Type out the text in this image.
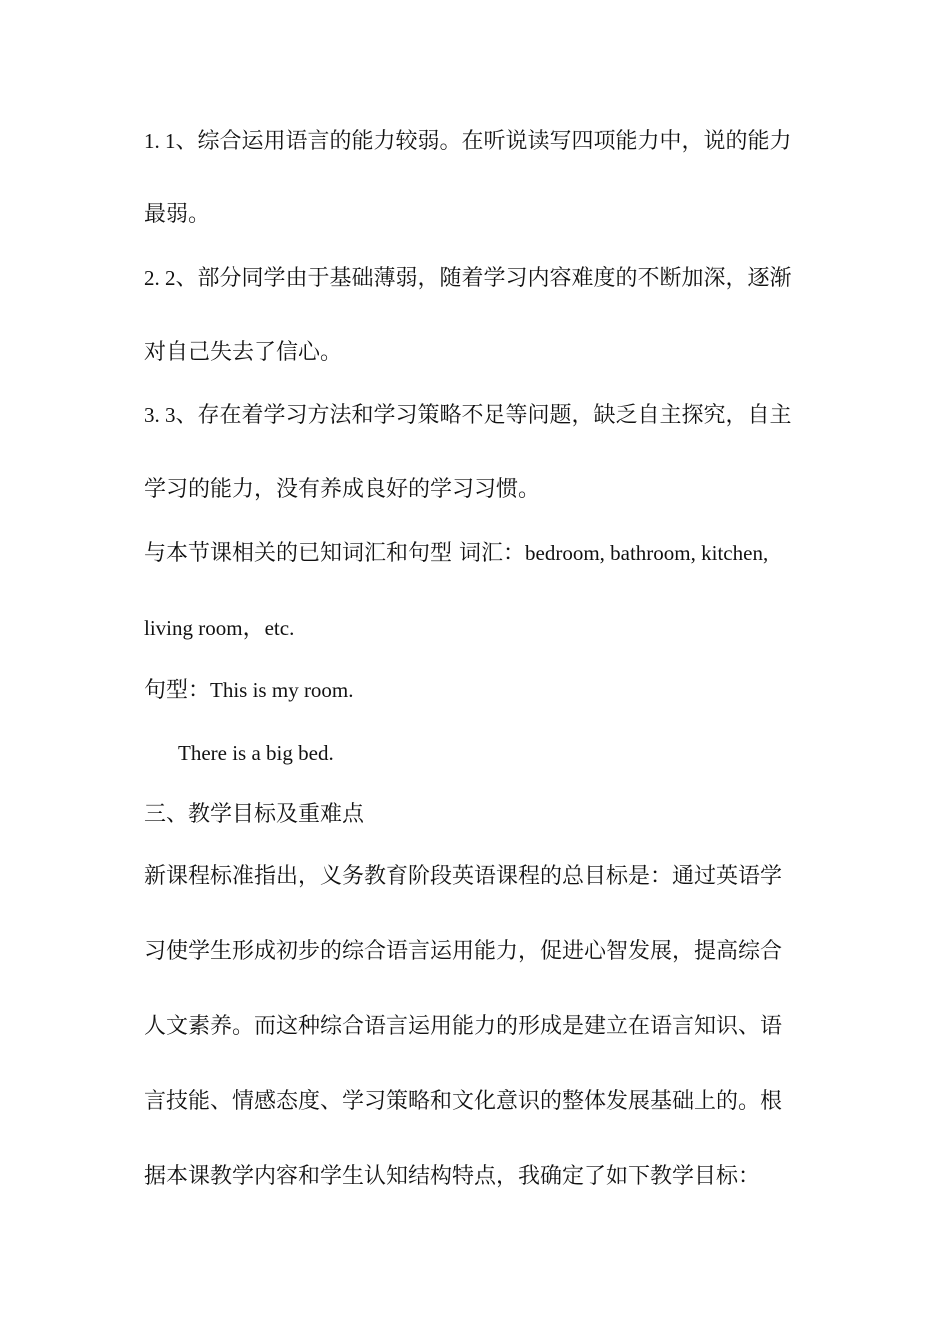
1. 1、综合运用语言的能力较弱。在听说读写四项能力中，说的能力
最弱。
2. 2、部分同学由于基础薄弱，随着学习内容难度的不断加深，逐渐
对自己失去了信心。
3. 3、存在着学习方法和学习策略不足等问题，缺乏自主探究，自主
学习的能力，没有养成良好的学习习惯。
与本节课相关的已知词汇和句型 词汇：bedroom, bathroom, kitchen,
living room，etc.
句型：This is my room.
There is a big bed.
三、教学目标及重难点
新课程标准指出，义务教育阶段英语课程的总目标是：通过英语学
习使学生形成初步的综合语言运用能力，促进心智发展，提高综合
人文素养。而这种综合语言运用能力的形成是建立在语言知识、语
言技能、情感态度、学习策略和文化意识的整体发展基础上的。根
据本课教学内容和学生认知结构特点，我确定了如下教学目标：
